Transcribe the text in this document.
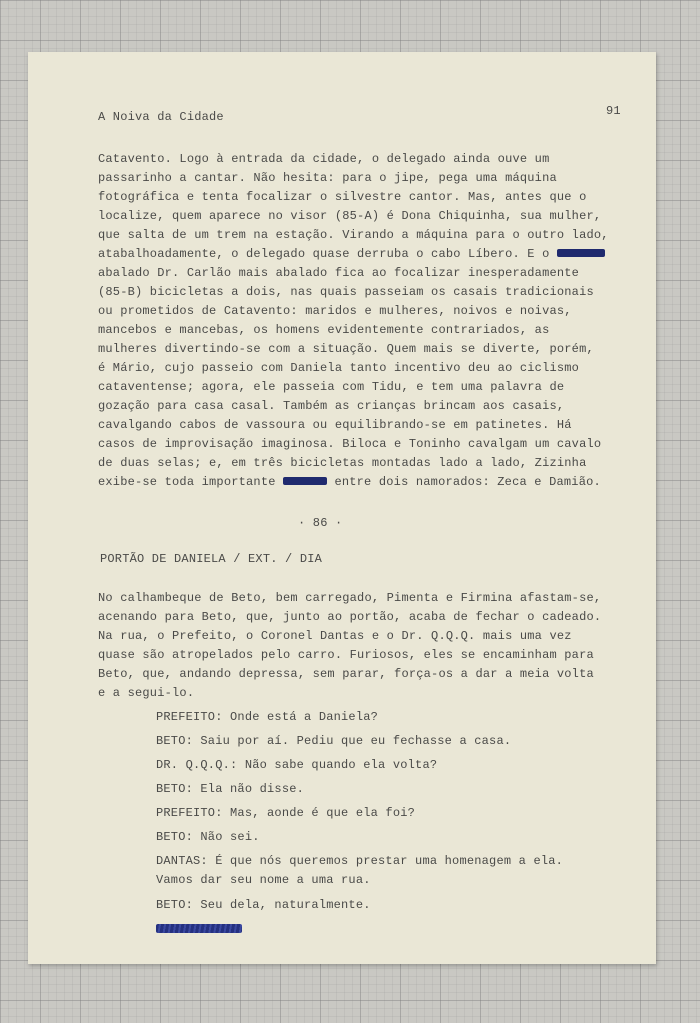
A Noiva da Cidade	91
Catavento. Logo à entrada da cidade, o delegado ainda ouve um
passarinho a cantar. Não hesita: para o jipe, pega uma máquina
fotográfica e tenta focalizar o silvestre cantor. Mas, antes que o
localize, quem aparece no visor (85-A) é Dona Chiquinha, sua mulher,
que salta de um trem na estação. Virando a máquina para o outro lado,
atabalhoadamente, o delegado quase derruba o cabo Líbero. E o
abalado Dr. Carlão mais abalado fica ao focalizar inesperadamente
(85-B) bicicletas a dois, nas quais passeiam os casais tradicionais
ou prometidos de Catavento: maridos e mulheres, noivos e noivas,
mancebos e mancebas, os homens evidentemente contrariados, as
mulheres divertindo-se com a situação. Quem mais se diverte, porém,
é Mário, cujo passeio com Daniela tanto incentivo deu ao ciclismo
cataventense; agora, ele passeia com Tidu, e tem uma palavra de
gozação para casa casal. Também as crianças brincam aos casais,
cavalgando cabos de vassoura ou equilibrando-se em patinetes. Há
casos de improvisação imaginosa. Biloca e Toninho cavalgam um cavalo
de duas selas; e, em três bicicletas montadas lado a lado, Zizinha
exibe-se toda importante	entre dois namorados: Zeca e Damião.
· 86 ·
PORTÃO DE DANIELA / EXT. / DIA
No calhambeque de Beto, bem carregado, Pimenta e Firmina afastam-se,
acenando para Beto, que, junto ao portão, acaba de fechar o cadeado.
Na rua, o Prefeito, o Coronel Dantas e o Dr. Q.Q.Q. mais uma vez
quase são atropelados pelo carro. Furiosos, eles se encaminham para
Beto, que, andando depressa, sem parar, força-os a dar a meia volta
e a segui-lo.
PREFEITO: Onde está a Daniela?
BETO: Saiu por aí. Pediu que eu fechasse a casa.
DR. Q.Q.Q.: Não sabe quando ela volta?
BETO: Ela não disse.
PREFEITO: Mas, aonde é que ela foi?
BETO: Não sei.
DANTAS: É que nós queremos prestar uma homenagem a ela.
Vamos dar seu nome a uma rua.
BETO: Seu dela, naturalmente.
